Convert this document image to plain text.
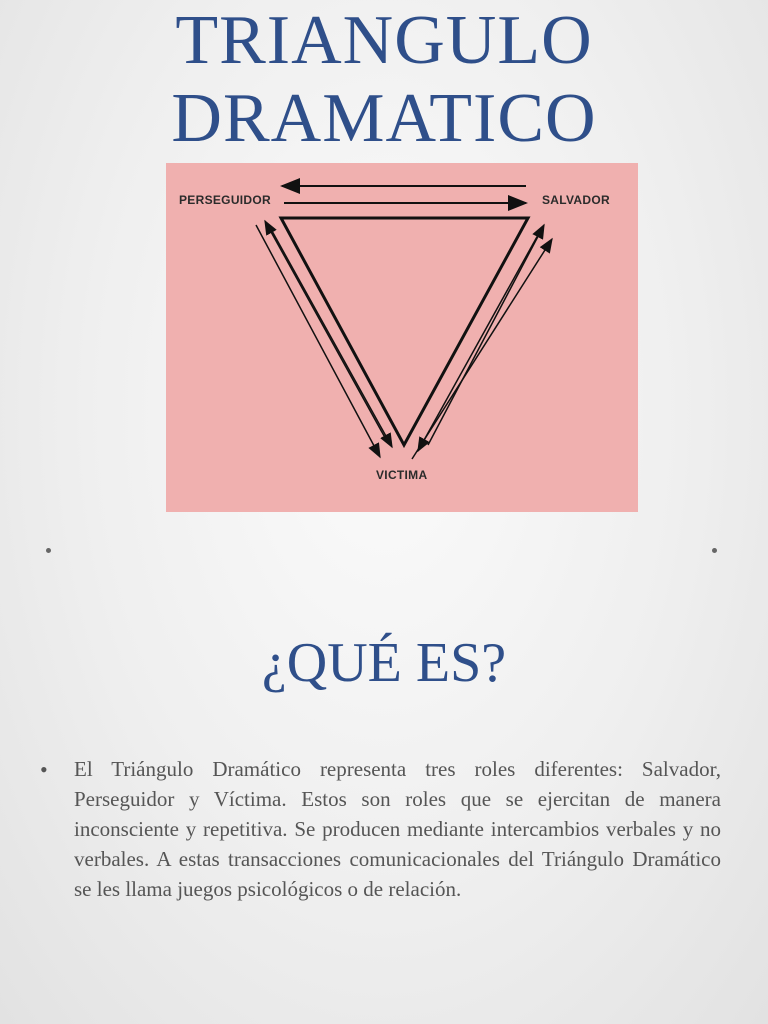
TRIANGULO
DRAMATICO
PERSEGUIDOR	SALVADOR
VICTIMA
¿QUÉ ES?
• El Triángulo Dramático representa tres roles diferentes: Salvador, Perseguidor y Víctima. Estos son roles que se ejercitan de manera inconsciente y repetitiva. Se producen mediante intercambios verbales y no verbales. A estas transacciones comunicacionales del Triángulo Dramático se les llama juegos psicológicos o de relación.
